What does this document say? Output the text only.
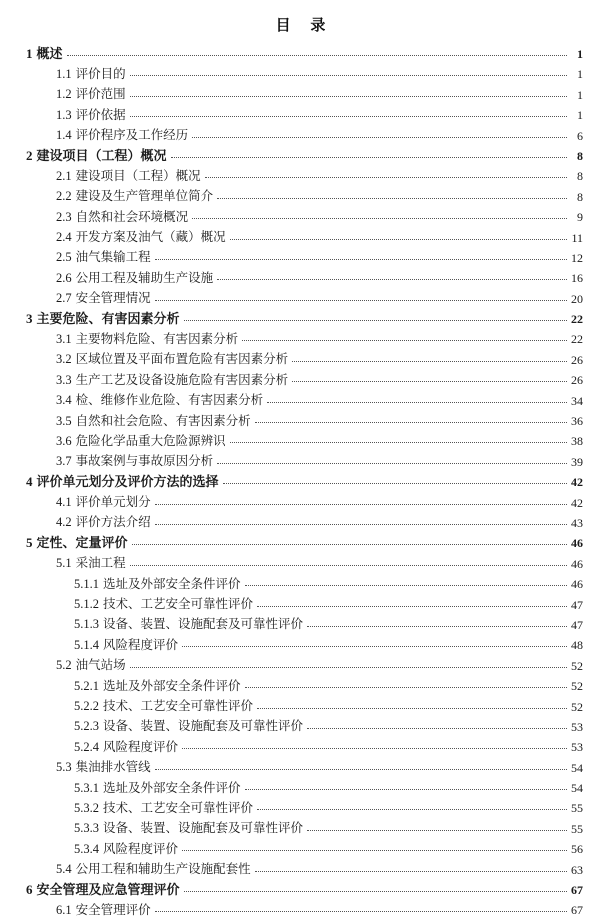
目 录
1 概述	1
1.1 评价目的	1
1.2 评价范围	1
1.3 评价依据	1
1.4 评价程序及工作经历	6
2 建设项目（工程）概况	8
2.1 建设项目（工程）概况	8
2.2 建设及生产管理单位简介	8
2.3 自然和社会环境概况	9
2.4 开发方案及油气（藏）概况	11
2.5 油气集输工程	12
2.6 公用工程及辅助生产设施	16
2.7 安全管理情况	20
3 主要危险、有害因素分析	22
3.1 主要物料危险、有害因素分析	22
3.2 区域位置及平面布置危险有害因素分析	26
3.3 生产工艺及设备设施危险有害因素分析	26
3.4 检、维修作业危险、有害因素分析	34
3.5 自然和社会危险、有害因素分析	36
3.6 危险化学品重大危险源辨识	38
3.7 事故案例与事故原因分析	39
4 评价单元划分及评价方法的选择	42
4.1 评价单元划分	42
4.2 评价方法介绍	43
5 定性、定量评价	46
5.1 采油工程	46
5.1.1 选址及外部安全条件评价	46
5.1.2 技术、工艺安全可靠性评价	47
5.1.3 设备、装置、设施配套及可靠性评价	47
5.1.4 风险程度评价	48
5.2 油气站场	52
5.2.1 选址及外部安全条件评价	52
5.2.2 技术、工艺安全可靠性评价	52
5.2.3 设备、装置、设施配套及可靠性评价	53
5.2.4 风险程度评价	53
5.3 集油排水管线	54
5.3.1 选址及外部安全条件评价	54
5.3.2 技术、工艺安全可靠性评价	55
5.3.3 设备、装置、设施配套及可靠性评价	55
5.3.4 风险程度评价	56
5.4 公用工程和辅助生产设施配套性	63
6 安全管理及应急管理评价	67
6.1 安全管理评价	67
